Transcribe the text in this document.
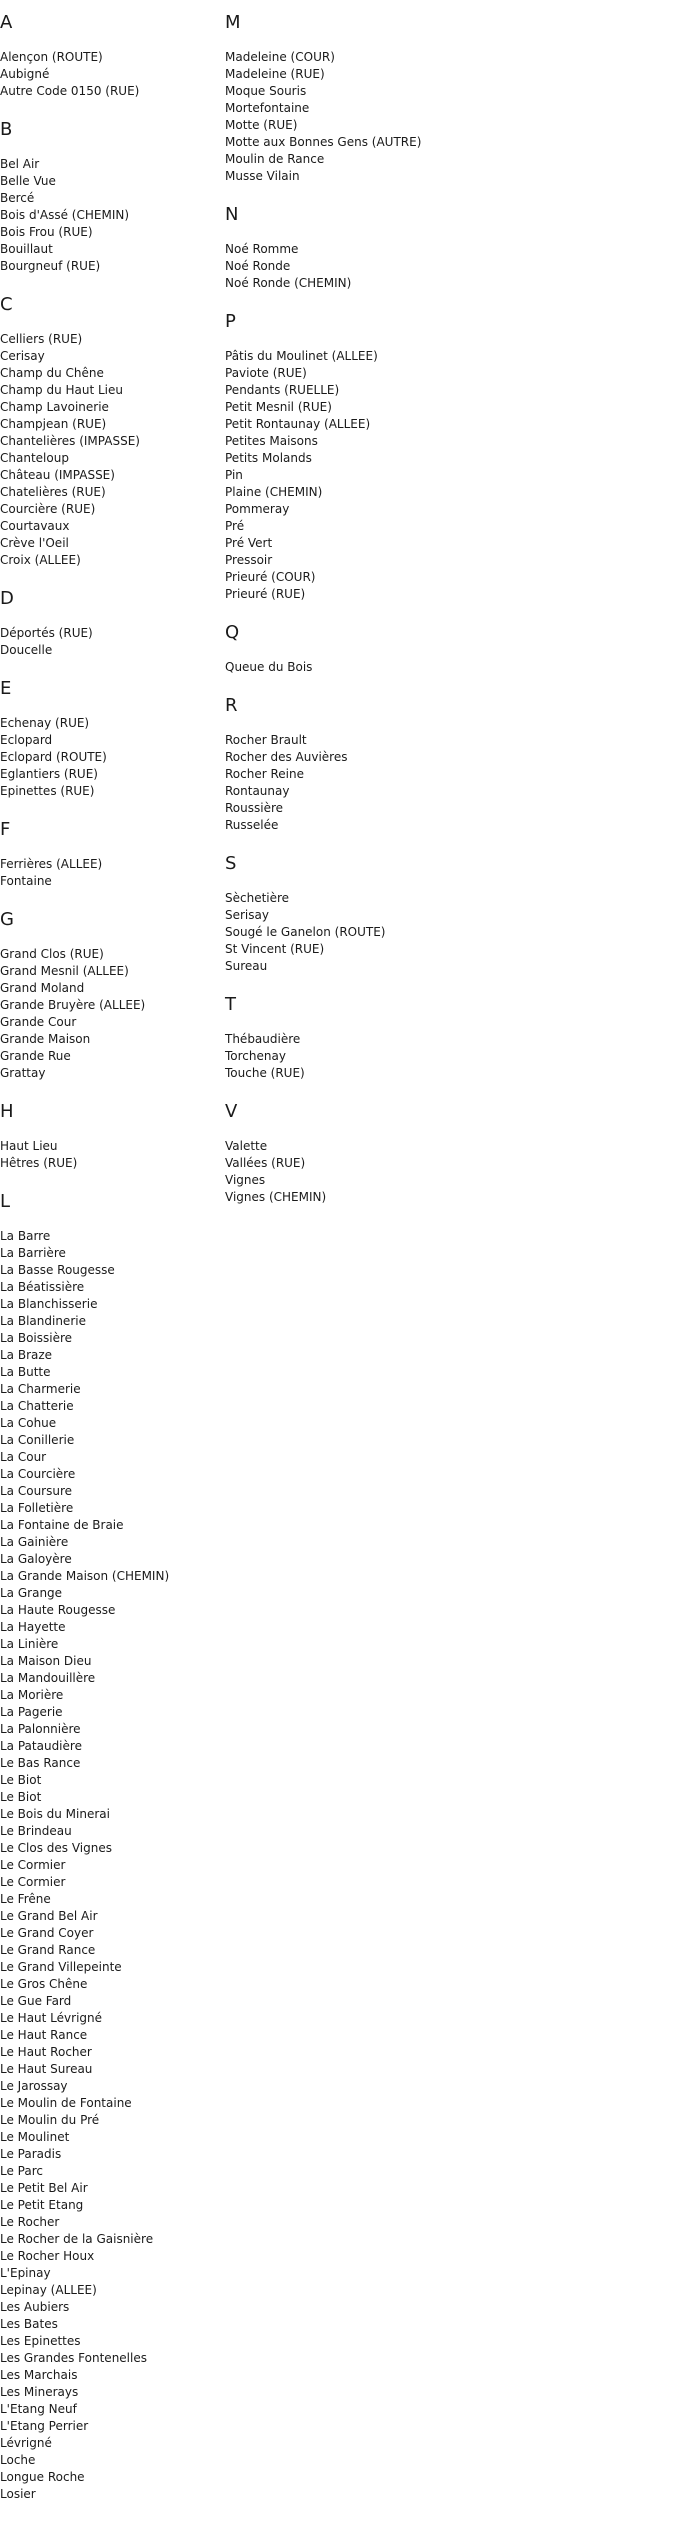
A
Alençon (ROUTE)
Aubigné
Autre Code 0150 (RUE)
B
Bel Air
Belle Vue
Bercé
Bois d'Assé (CHEMIN)
Bois Frou (RUE)
Bouillaut
Bourgneuf (RUE)
C
Celliers (RUE)
Cerisay
Champ du Chêne
Champ du Haut Lieu
Champ Lavoinerie
Champjean (RUE)
Chantelières (IMPASSE)
Chanteloup
Château (IMPASSE)
Chatelières (RUE)
Courcière (RUE)
Courtavaux
Crève l'Oeil
Croix (ALLEE)
D
Déportés (RUE)
Doucelle
E
Echenay (RUE)
Eclopard
Eclopard (ROUTE)
Eglantiers (RUE)
Epinettes (RUE)
F
Ferrières (ALLEE)
Fontaine
G
Grand Clos (RUE)
Grand Mesnil (ALLEE)
Grand Moland
Grande Bruyère (ALLEE)
Grande Cour
Grande Maison
Grande Rue
Grattay
H
Haut Lieu
Hêtres (RUE)
L
La Barre
La Barrière
La Basse Rougesse
La Béatissière
La Blanchisserie
La Blandinerie
La Boissière
La Braze
La Butte
La Charmerie
La Chatterie
La Cohue
La Conillerie
La Cour
La Courcière
La Coursure
La Folletière
La Fontaine de Braie
La Gainière
La Galoyère
La Grande Maison (CHEMIN)
La Grange
La Haute Rougesse
La Hayette
La Linière
La Maison Dieu
La Mandouillère
La Morière
La Pagerie
La Palonnière
La Pataudière
Le Bas Rance
Le Biot
Le Biot
Le Bois du Minerai
Le Brindeau
Le Clos des Vignes
Le Cormier
Le Cormier
Le Frêne
Le Grand Bel Air
Le Grand Coyer
Le Grand Rance
Le Grand Villepeinte
Le Gros Chêne
Le Gue Fard
Le Haut Lévrigné
Le Haut Rance
Le Haut Rocher
Le Haut Sureau
Le Jarossay
Le Moulin de Fontaine
Le Moulin du Pré
Le Moulinet
Le Paradis
Le Parc
Le Petit Bel Air
Le Petit Etang
Le Rocher
Le Rocher de la Gaisnière
Le Rocher Houx
L'Epinay
Lepinay (ALLEE)
Les Aubiers
Les Bates
Les Epinettes
Les Grandes Fontenelles
Les Marchais
Les Minerays
L'Etang Neuf
L'Etang Perrier
Lévrigné
Loche
Longue Roche
Losier
M
Madeleine (COUR)
Madeleine (RUE)
Moque Souris
Mortefontaine
Motte (RUE)
Motte aux Bonnes Gens (AUTRE)
Moulin de Rance
Musse Vilain
N
Noé Romme
Noé Ronde
Noé Ronde (CHEMIN)
P
Pâtis du Moulinet (ALLEE)
Paviote (RUE)
Pendants (RUELLE)
Petit Mesnil (RUE)
Petit Rontaunay (ALLEE)
Petites Maisons
Petits Molands
Pin
Plaine (CHEMIN)
Pommeray
Pré
Pré Vert
Pressoir
Prieuré (COUR)
Prieuré (RUE)
Q
Queue du Bois
R
Rocher Brault
Rocher des Auvières
Rocher Reine
Rontaunay
Roussière
Russelée
S
Sèchetière
Serisay
Sougé le Ganelon (ROUTE)
St Vincent (RUE)
Sureau
T
Thébaudière
Torchenay
Touche (RUE)
V
Valette
Vallées (RUE)
Vignes
Vignes (CHEMIN)
